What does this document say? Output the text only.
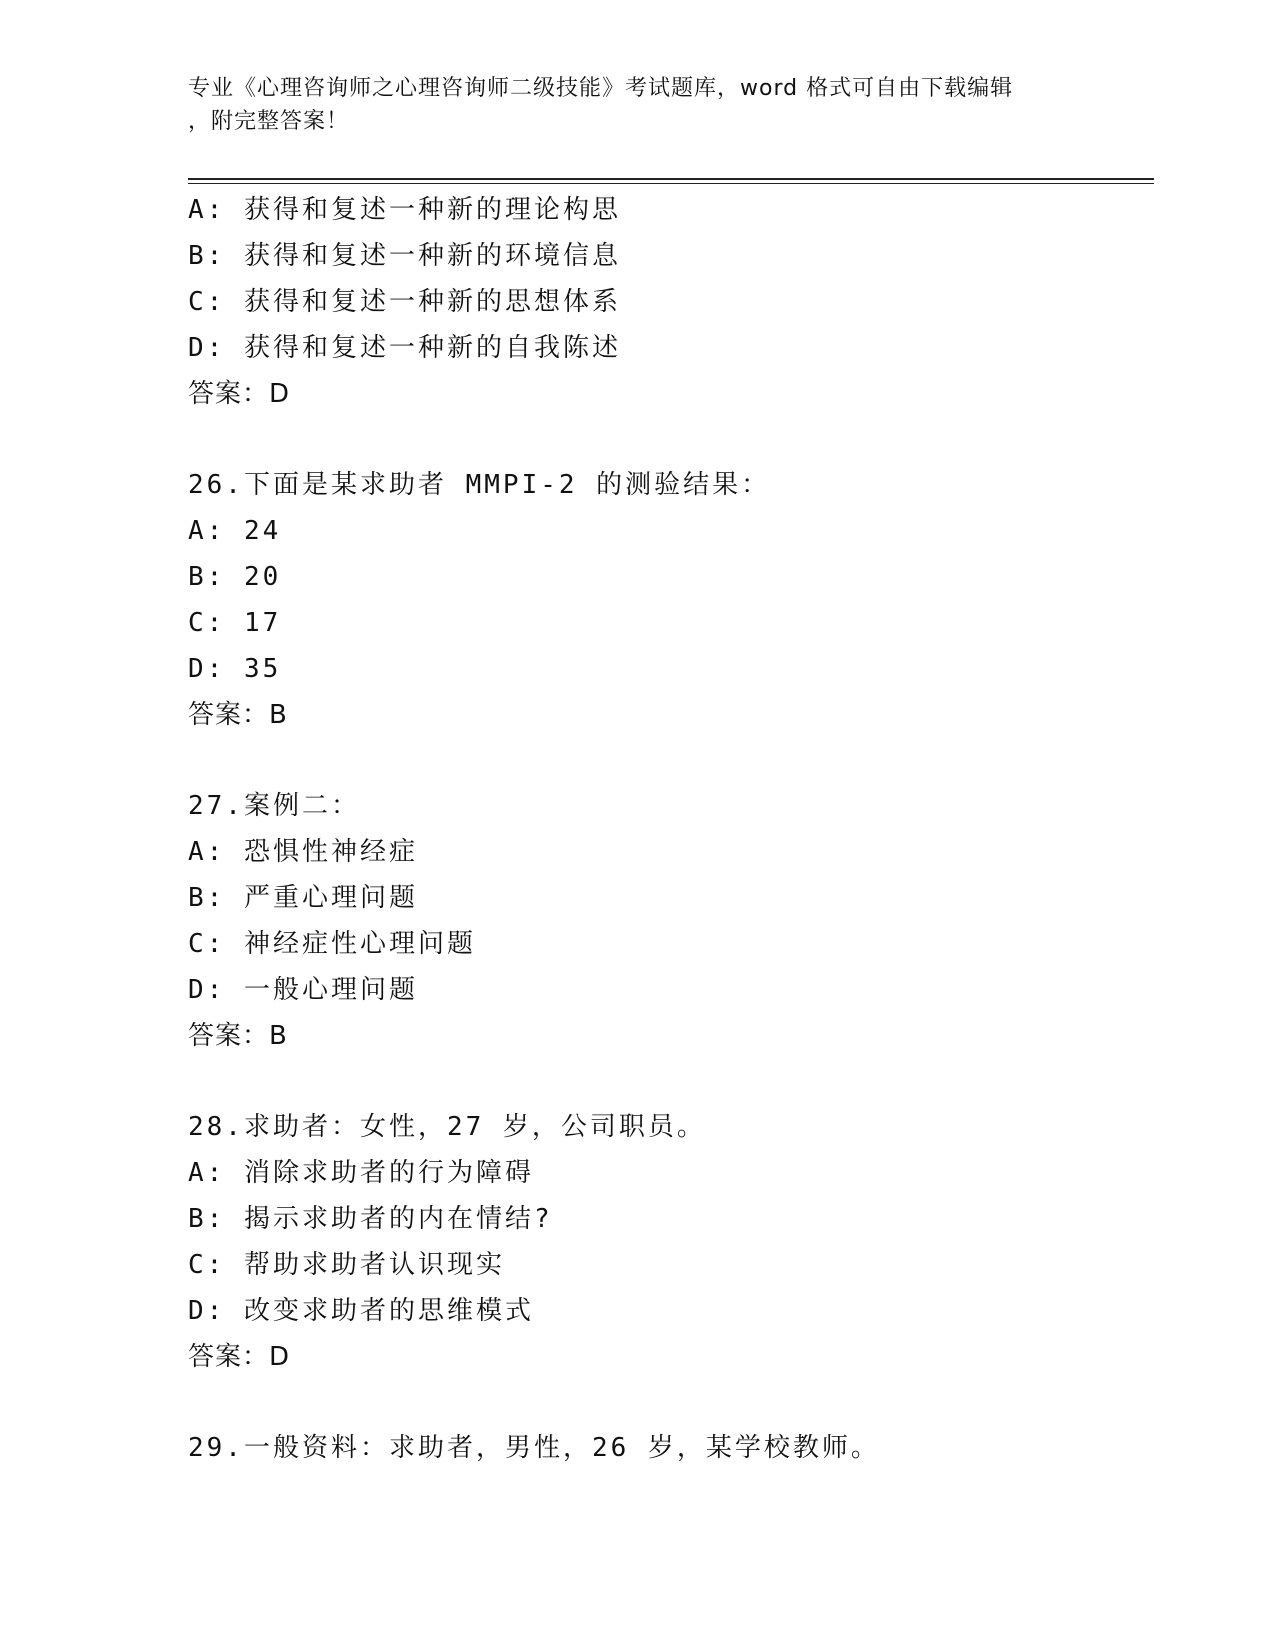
专业《心理咨询师之心理咨询师二级技能》考试题库，word 格式可自由下载编辑
，附完整答案！
A: 获得和复述一种新的理论构思
B: 获得和复述一种新的环境信息
C: 获得和复述一种新的思想体系
D: 获得和复述一种新的自我陈述
答案：D
26.下面是某求助者 MMPI-2 的测验结果：
A: 24
B: 20
C: 17
D: 35
答案：B
27.案例二：
A: 恐惧性神经症
B: 严重心理问题
C: 神经症性心理问题
D: 一般心理问题
答案：B
28.求助者：女性，27 岁，公司职员。
A: 消除求助者的行为障碍
B: 揭示求助者的内在情结?
C: 帮助求助者认识现实
D: 改变求助者的思维模式
答案：D
29.一般资料：求助者，男性，26 岁，某学校教师。
